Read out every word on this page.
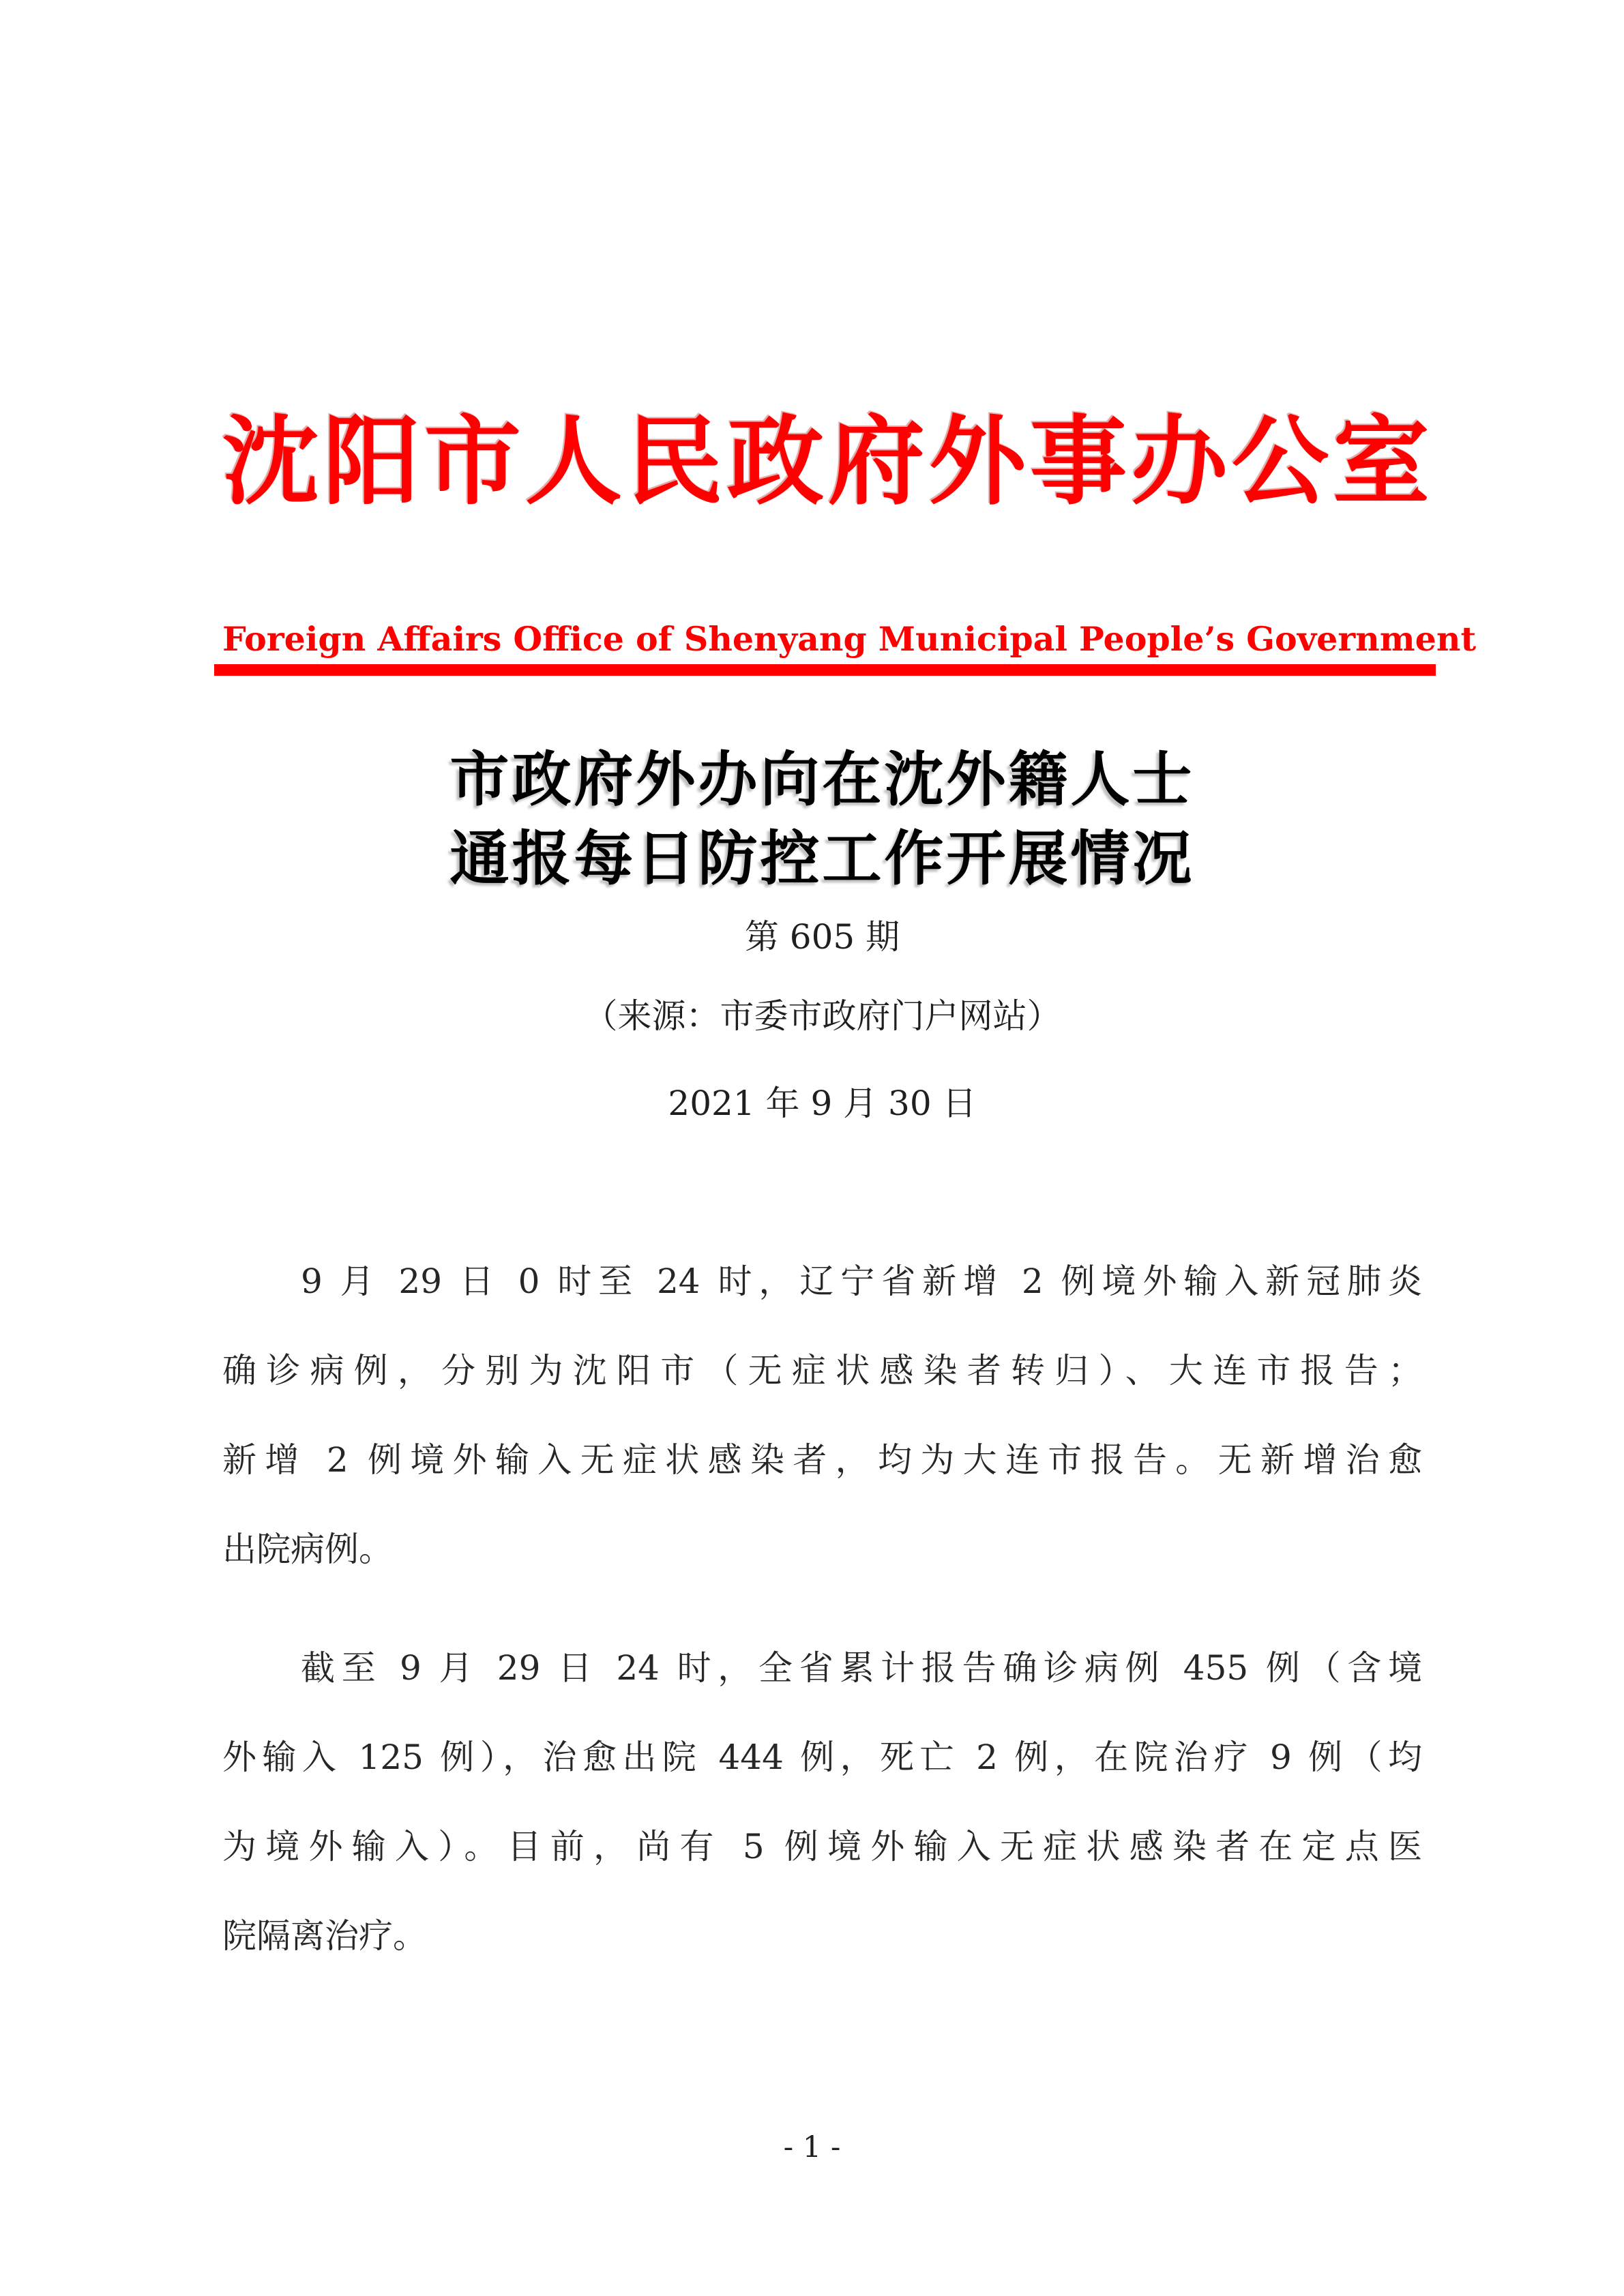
沈阳市人民政府外事办公室
Foreign Affairs Office of Shenyang Municipal People’s Government
市政府外办向在沈外籍人士
通报每日防控工作开展情况
第 605 期
（来源：市委市政府门户网站）
2021 年 9 月 30 日
9 月 29 日 0 时至 24 时，辽宁省新增 2 例境外输入新冠肺炎
确诊病例，分别为沈阳市（无症状感染者转归）、大连市报告；
新增 2 例境外输入无症状感染者，均为大连市报告。无新增治愈
出院病例。
截至 9 月 29 日 24 时，全省累计报告确诊病例 455 例（含境
外输入 125 例），治愈出院 444 例，死亡 2 例，在院治疗 9 例（均
为境外输入）。目前，尚有 5 例境外输入无症状感染者在定点医
院隔离治疗。
- 1 -
